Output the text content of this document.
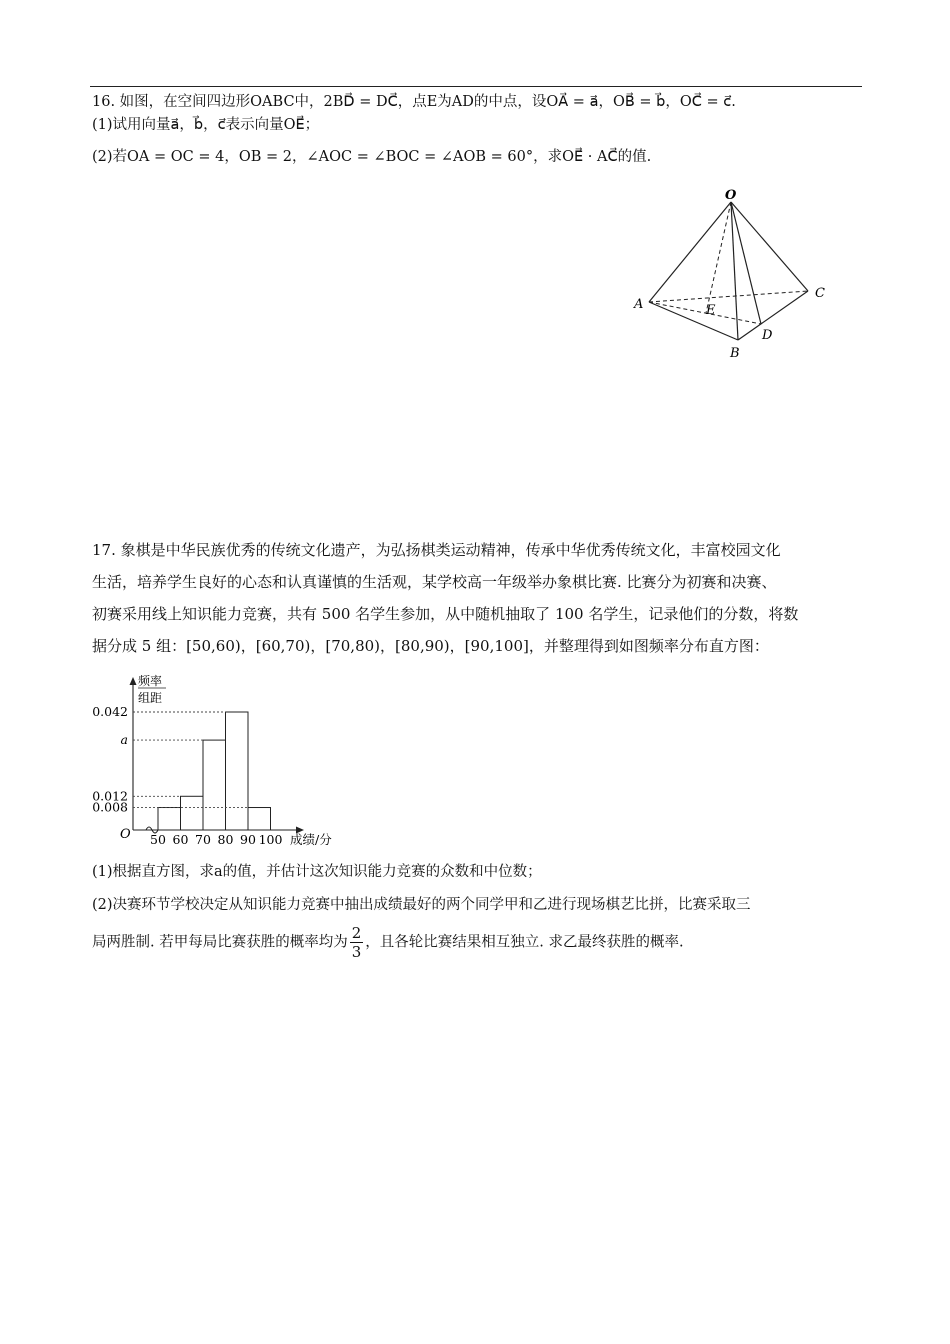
16. 如图，在空间四边形OABC中，2BD⃗ = DC⃗，点E为AD的中点，设OA⃗ = a⃗，OB⃗ = b⃗，OC⃗ = c⃗.
(1)试用向量a⃗，b⃗，c⃗表示向量OE⃗；
(2)若OA = OC = 4，OB = 2，∠AOC = ∠BOC = ∠AOB = 60°，求OE⃗ · AC⃗的值.
O
A
B
C
D
E
17. 象棋是中华民族优秀的传统文化遗产，为弘扬棋类运动精神，传承中华优秀传统文化，丰富校园文化
生活，培养学生良好的心态和认真谨慎的生活观，某学校高一年级举办象棋比赛. 比赛分为初赛和决赛、
初赛采用线上知识能力竞赛，共有 500 名学生参加，从中随机抽取了 100 名学生，记录他们的分数，将数
据分成 5 组：[50,60)，[60,70)，[70,80)，[80,90)，[90,100]，并整理得到如图频率分布直方图：
频率
组距
O	成绩/分
0.042
a
0.012
0.008
50 60 70 80 90 100
(1)根据直方图，求a的值，并估计这次知识能力竞赛的众数和中位数；
(2)决赛环节学校决定从知识能力竞赛中抽出成绩最好的两个同学甲和乙进行现场棋艺比拼，比赛采取三
局两胜制. 若甲每局比赛获胜的概率均为 $\frac{2}{3}$ ，且各轮比赛结果相互独立. 求乙最终获胜的概率.
